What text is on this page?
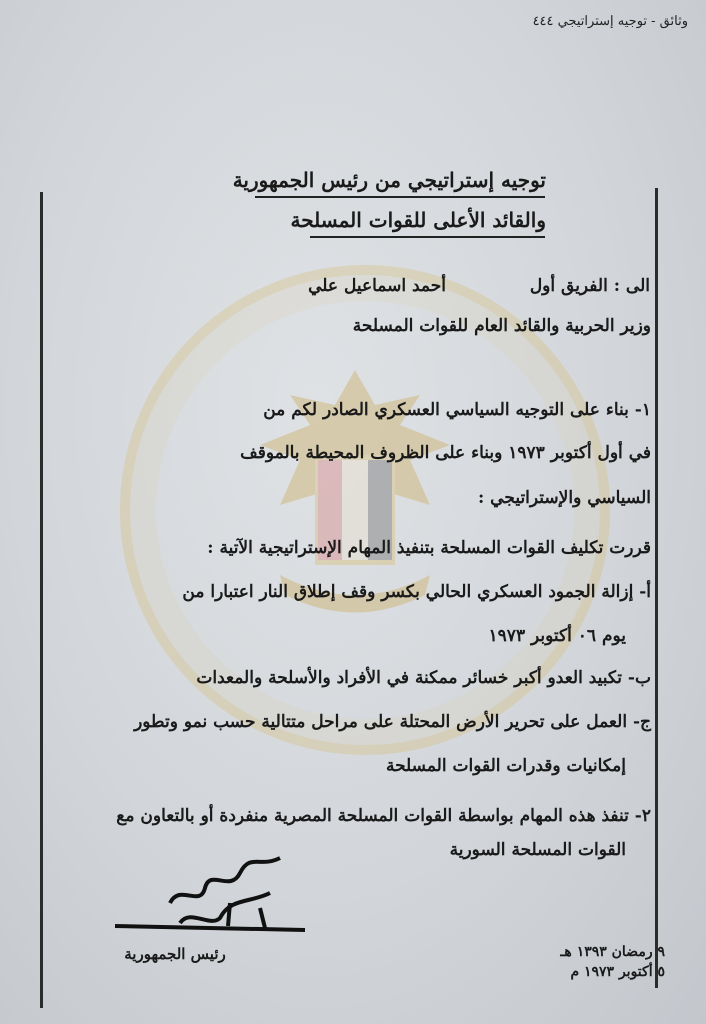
وثائق - توجيه إستراتيجي ٤٤٤
توجيه إستراتيجي من رئيس الجمهورية
والقائد الأعلى للقوات المسلحة
الى : الفريق أول
أحمد اسماعيل علي
وزير الحربية والقائد العام للقوات المسلحة
١- بناء على التوجيه السياسي العسكري الصادر لكم من
في أول أكتوبر ١٩٧٣ وبناء على الظروف المحيطة بالموقف
السياسي والإستراتيجي :
قررت تكليف القوات المسلحة بتنفيذ المهام الإستراتيجية الآتية :
أ- إزالة الجمود العسكري الحالي بكسر وقف إطلاق النار اعتبارا من
يوم ٠٦ أكتوبر ١٩٧٣
ب- تكبيد العدو أكبر خسائر ممكنة في الأفراد والأسلحة والمعدات
ج- العمل على تحرير الأرض المحتلة على مراحل متتالية حسب نمو وتطور
إمكانيات وقدرات القوات المسلحة
٢- تنفذ هذه المهام بواسطة القوات المسلحة المصرية منفردة أو بالتعاون مع
القوات المسلحة السورية
رئيس الجمهورية	٩ رمضان ١٣٩٣ هـ
٥ أكتوبر ١٩٧٣ م
